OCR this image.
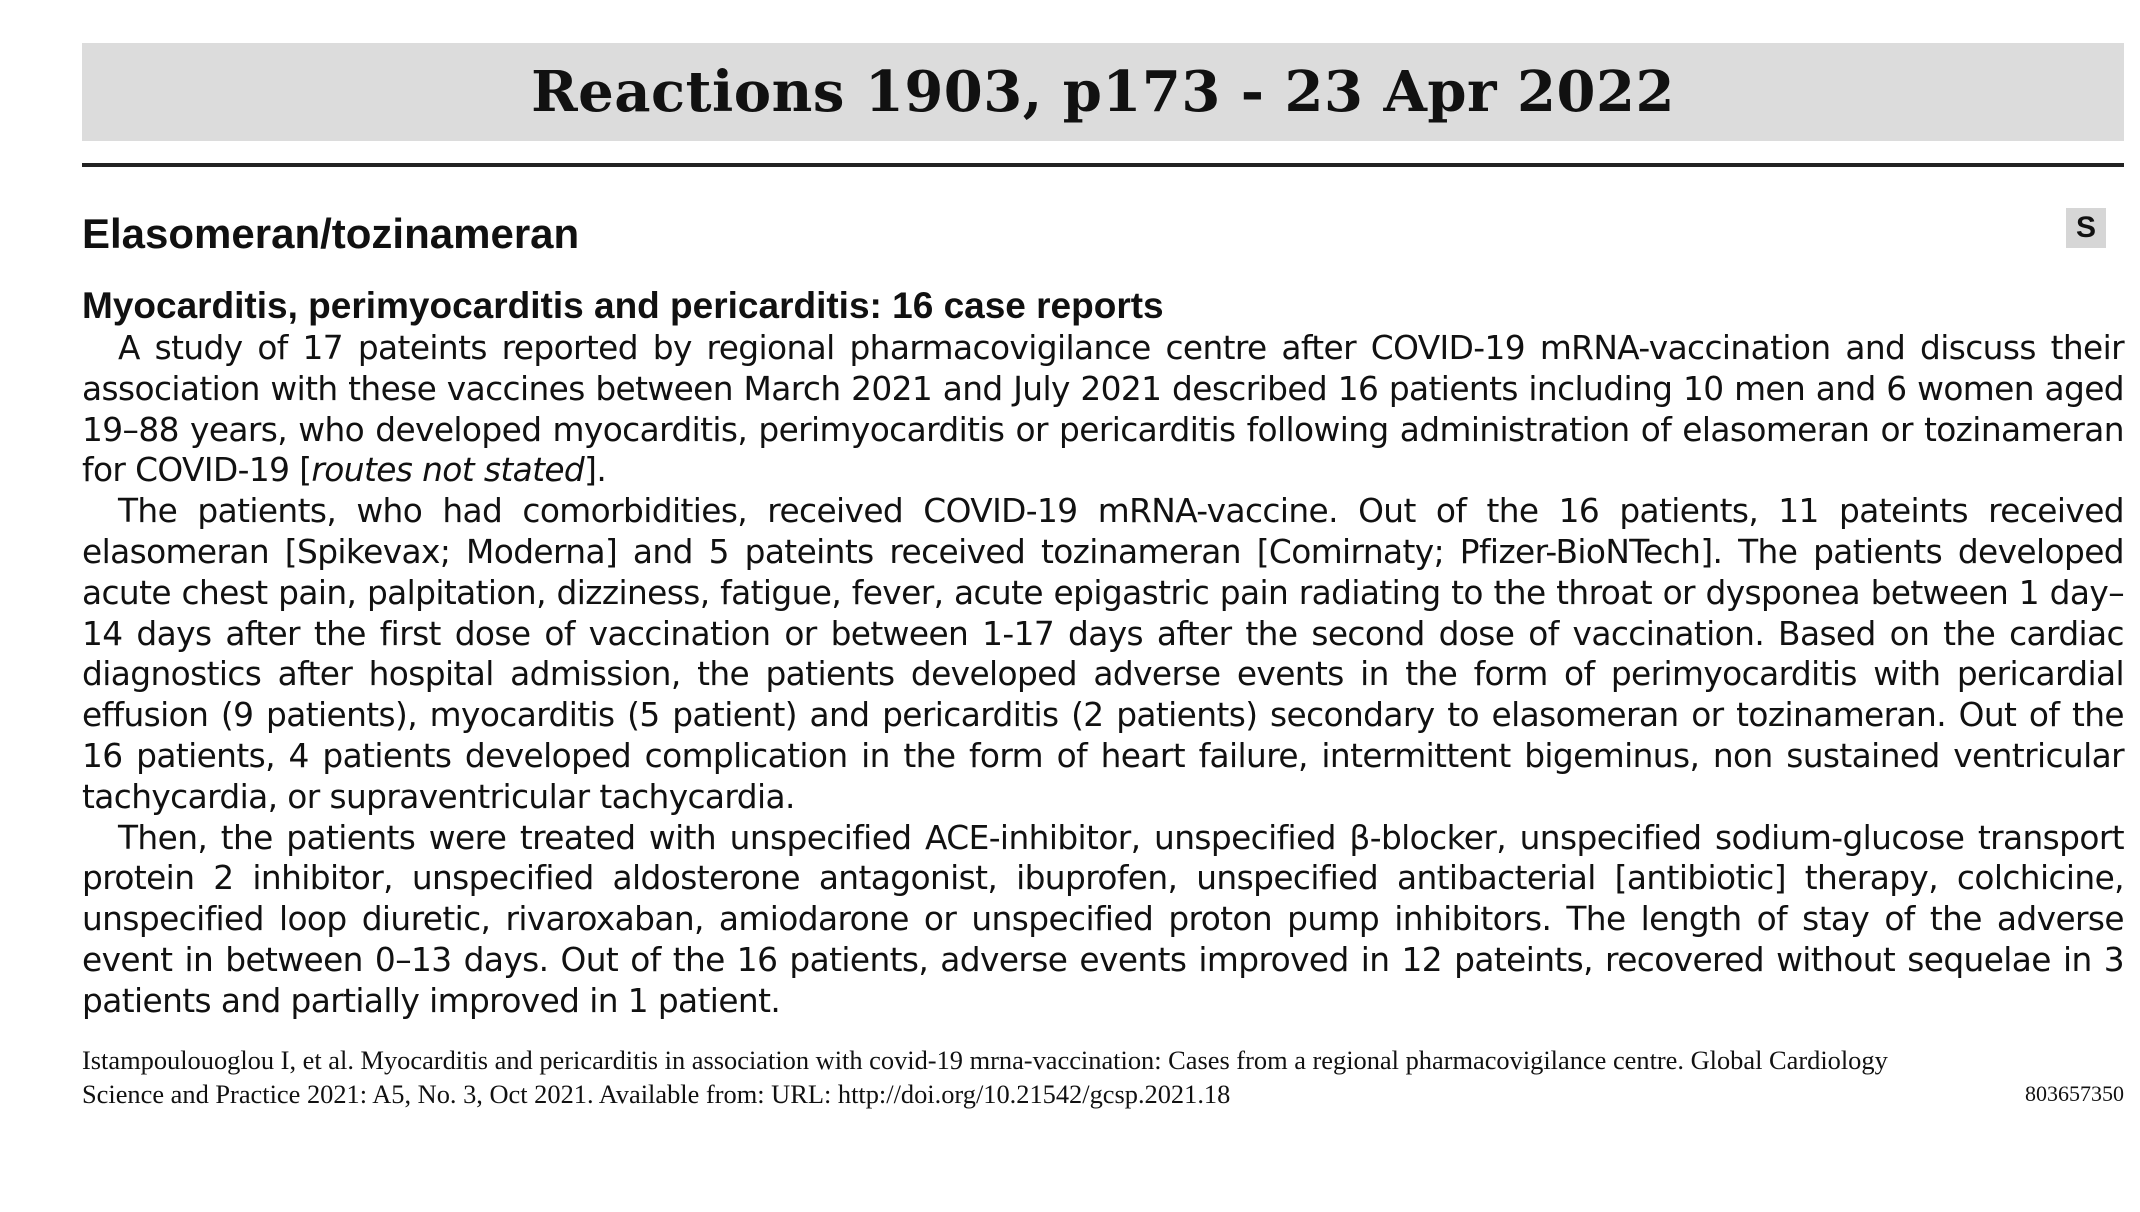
Reactions 1903, p173 - 23 Apr 2022
Elasomeran/tozinameran	S
Myocarditis, perimyocarditis and pericarditis: 16 case reports

A study of 17 pateints reported by regional pharmacovigilance centre after COVID-19 mRNA-vaccination and discuss their association with these vaccines between March 2021 and July 2021 described 16 patients including 10 men and 6 women aged 19–88 years, who developed myocarditis, perimyocarditis or pericarditis following administration of elasomeran or tozinameran for COVID-19 [routes not stated].

The patients, who had comorbidities, received COVID-19 mRNA-vaccine. Out of the 16 patients, 11 pateints received elasomeran [Spikevax; Moderna] and 5 pateints received tozinameran [Comirnaty; Pfizer-BioNTech]. The patients developed acute chest pain, palpitation, dizziness, fatigue, fever, acute epigastric pain radiating to the throat or dysponea between 1 day–14 days after the first dose of vaccination or between 1-17 days after the second dose of vaccination. Based on the cardiac diagnostics after hospital admission, the patients developed adverse events in the form of perimyocarditis with pericardial effusion (9 patients), myocarditis (5 patient) and pericarditis (2 patients) secondary to elasomeran or tozinameran. Out of the 16 patients, 4 patients developed complication in the form of heart failure, intermittent bigeminus, non sustained ventricular tachycardia, or supraventricular tachycardia.

Then, the patients were treated with unspecified ACE-inhibitor, unspecified β-blocker, unspecified sodium-glucose transport protein 2 inhibitor, unspecified aldosterone antagonist, ibuprofen, unspecified antibacterial [antibiotic] therapy, colchicine, unspecified loop diuretic, rivaroxaban, amiodarone or unspecified proton pump inhibitors. The length of stay of the adverse event in between 0–13 days. Out of the 16 patients, adverse events improved in 12 pateints, recovered without sequelae in 3 patients and partially improved in 1 patient.

Istampoulouoglou I, et al. Myocarditis and pericarditis in association with covid-19 mrna-vaccination: Cases from a regional pharmacovigilance centre. Global Cardiology
Science and Practice 2021: A5, No. 3, Oct 2021. Available from: URL: http://doi.org/10.21542/gcsp.2021.18	803657350
